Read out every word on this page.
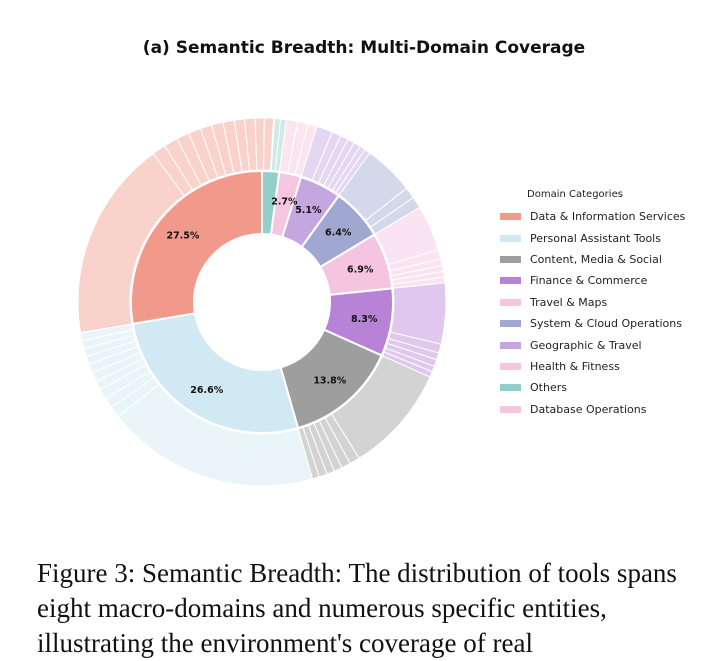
(a) Semantic Breadth: Multi-Domain Coverage
2.7%
5.1%
6.4%
6.9%
8.3%
13.8%
26.6%
27.5%
Domain Categories
Data & Information Services
Personal Assistant Tools
Content, Media & Social
Finance & Commerce
Travel & Maps
System & Cloud Operations
Geographic & Travel
Health & Fitness
Others
Database Operations

Figure 3: Semantic Breadth: The distribution of tools spans eight macro-domains and numerous specific entities, illustrating the environment's coverage of real
